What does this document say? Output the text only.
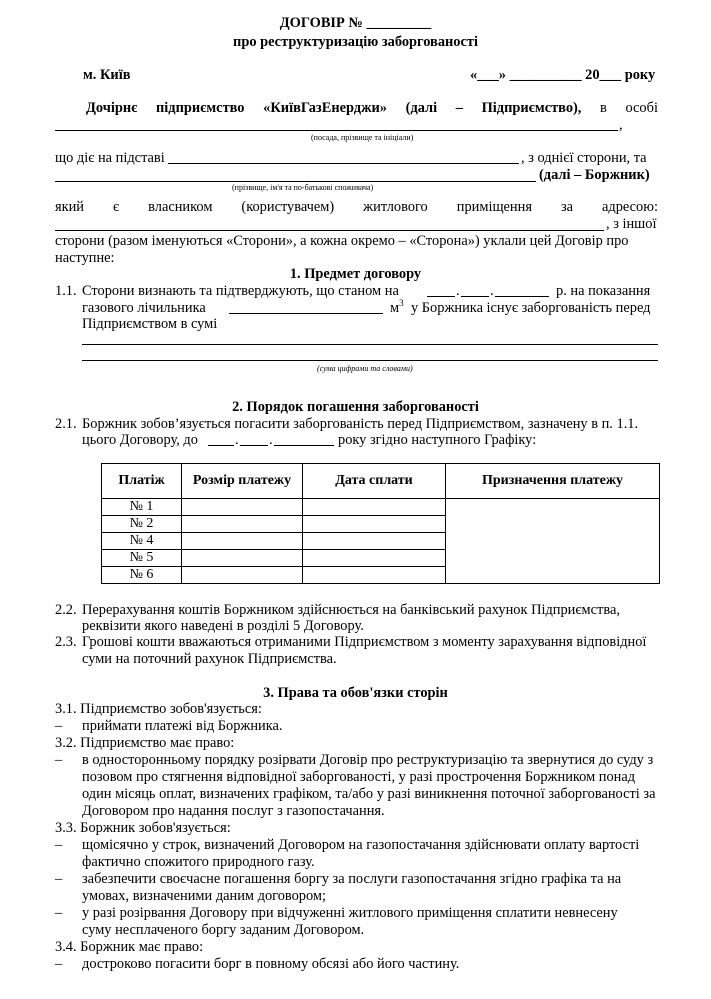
ДОГОВІР № _________
про реструктуризацію заборгованості
м. Київ	«___» __________ 20___ року
Дочірнє підприємство «КиївГазЕнерджи» (далі – Підприємство), в особі
,
(посада, прізвище та ініціали)
що діє на підставі	, з однієї сторони, та
(далі – Боржник)
(прізвище, ім'я та по-батькові споживача)
який є власником (користувачем) житлового приміщення за адресою:
, з іншої
сторони (разом іменуються «Сторони», а кожна окремо – «Сторона») уклали цей Договір про
наступне:
1. Предмет договору
1.1. Сторони визнають та підтверджують, що станом на	. .	р. на показання
газового лічильника	$м^3$ у Боржника існує заборгованість перед
Підприємством в сумі
(сума цифрами та словами)
2. Порядок погашення заборгованості
2.1. Боржник зобов’язується погасити заборгованість перед Підприємством, зазначену в п. 1.1.
цього Договору, до	. .	року згідно наступного Графіку:
Платіж	Розмір платежу	Дата сплати	Призначення платежу
№ 1			
№ 2			
№ 4			
№ 5			
№ 6			
2.2. Перерахування коштів Боржником здійснюється на банківський рахунок Підприємства,
реквізити якого наведені в розділі 5 Договору.
2.3. Грошові кошти вважаються отриманими Підприємством з моменту зарахування відповідної
суми на поточний рахунок Підприємства.
3. Права та обов'язки сторін
3.1. Підприємство зобов'язується:
– приймати платежі від Боржника.
3.2. Підприємство має право:
– в односторонньому порядку розірвати Договір про реструктуризацію та звернутися до суду з
позовом про стягнення відповідної заборгованості, у разі прострочення Боржником понад
один місяць оплат, визначених графіком, та/або у разі виникнення поточної заборгованості за
Договором про надання послуг з газопостачання.
3.3. Боржник зобов'язується:
– щомісячно у строк, визначений Договором на газопостачання здійснювати оплату вартості
фактично спожитого природного газу.
– забезпечити своєчасне погашення боргу за послуги газопостачання згідно графіка та на
умовах, визначеними даним договором;
– у разі розірвання Договору при відчуженні житлового приміщення сплатити невнесену
суму несплаченого боргу заданим Договором.
3.4. Боржник має право:
– достроково погасити борг в повному обсязі або його частину.
